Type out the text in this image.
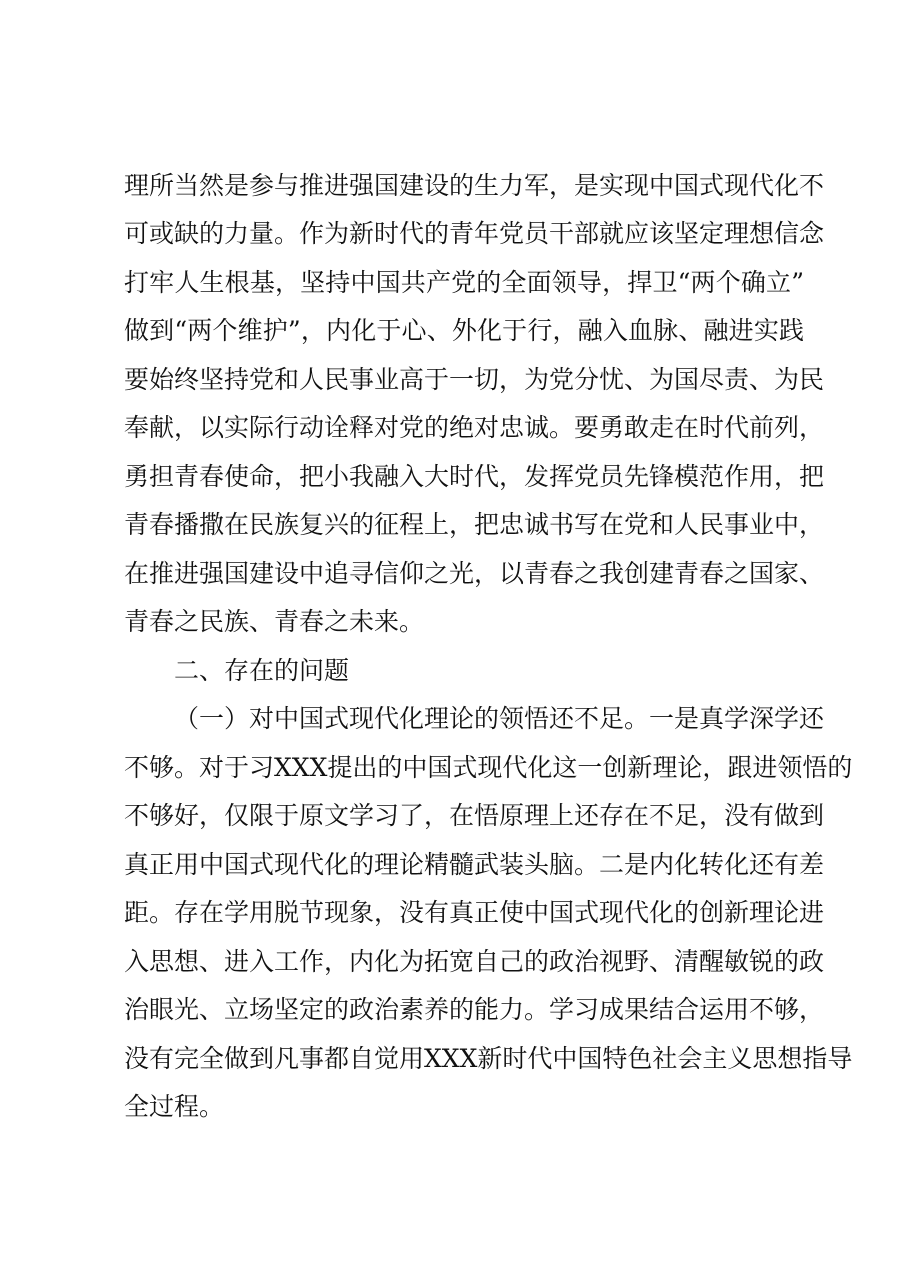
理所当然是参与推进强国建设的生力军，是实现中国式现代化不
可或缺的力量。作为新时代的青年党员干部就应该坚定理想信念
打牢人生根基，坚持中国共产党的全面领导，捍卫“两个确立”
做到“两个维护”，内化于心、外化于行，融入血脉、融进实践
要始终坚持党和人民事业高于一切，为党分忧、为国尽责、为民
奉献，以实际行动诠释对党的绝对忠诚。要勇敢走在时代前列，
勇担青春使命，把小我融入大时代，发挥党员先锋模范作用，把
青春播撒在民族复兴的征程上，把忠诚书写在党和人民事业中，
在推进强国建设中追寻信仰之光，以青春之我创建青春之国家、
青春之民族、青春之未来。
二、存在的问题
（一）对中国式现代化理论的领悟还不足。一是真学深学还
不够。对于习XXX提出的中国式现代化这一创新理论，跟进领悟的
不够好，仅限于原文学习了，在悟原理上还存在不足，没有做到
真正用中国式现代化的理论精髓武装头脑。二是内化转化还有差
距。存在学用脱节现象，没有真正使中国式现代化的创新理论进
入思想、进入工作，内化为拓宽自己的政治视野、清醒敏锐的政
治眼光、立场坚定的政治素养的能力。学习成果结合运用不够，
没有完全做到凡事都自觉用XXX新时代中国特色社会主义思想指导
全过程。
